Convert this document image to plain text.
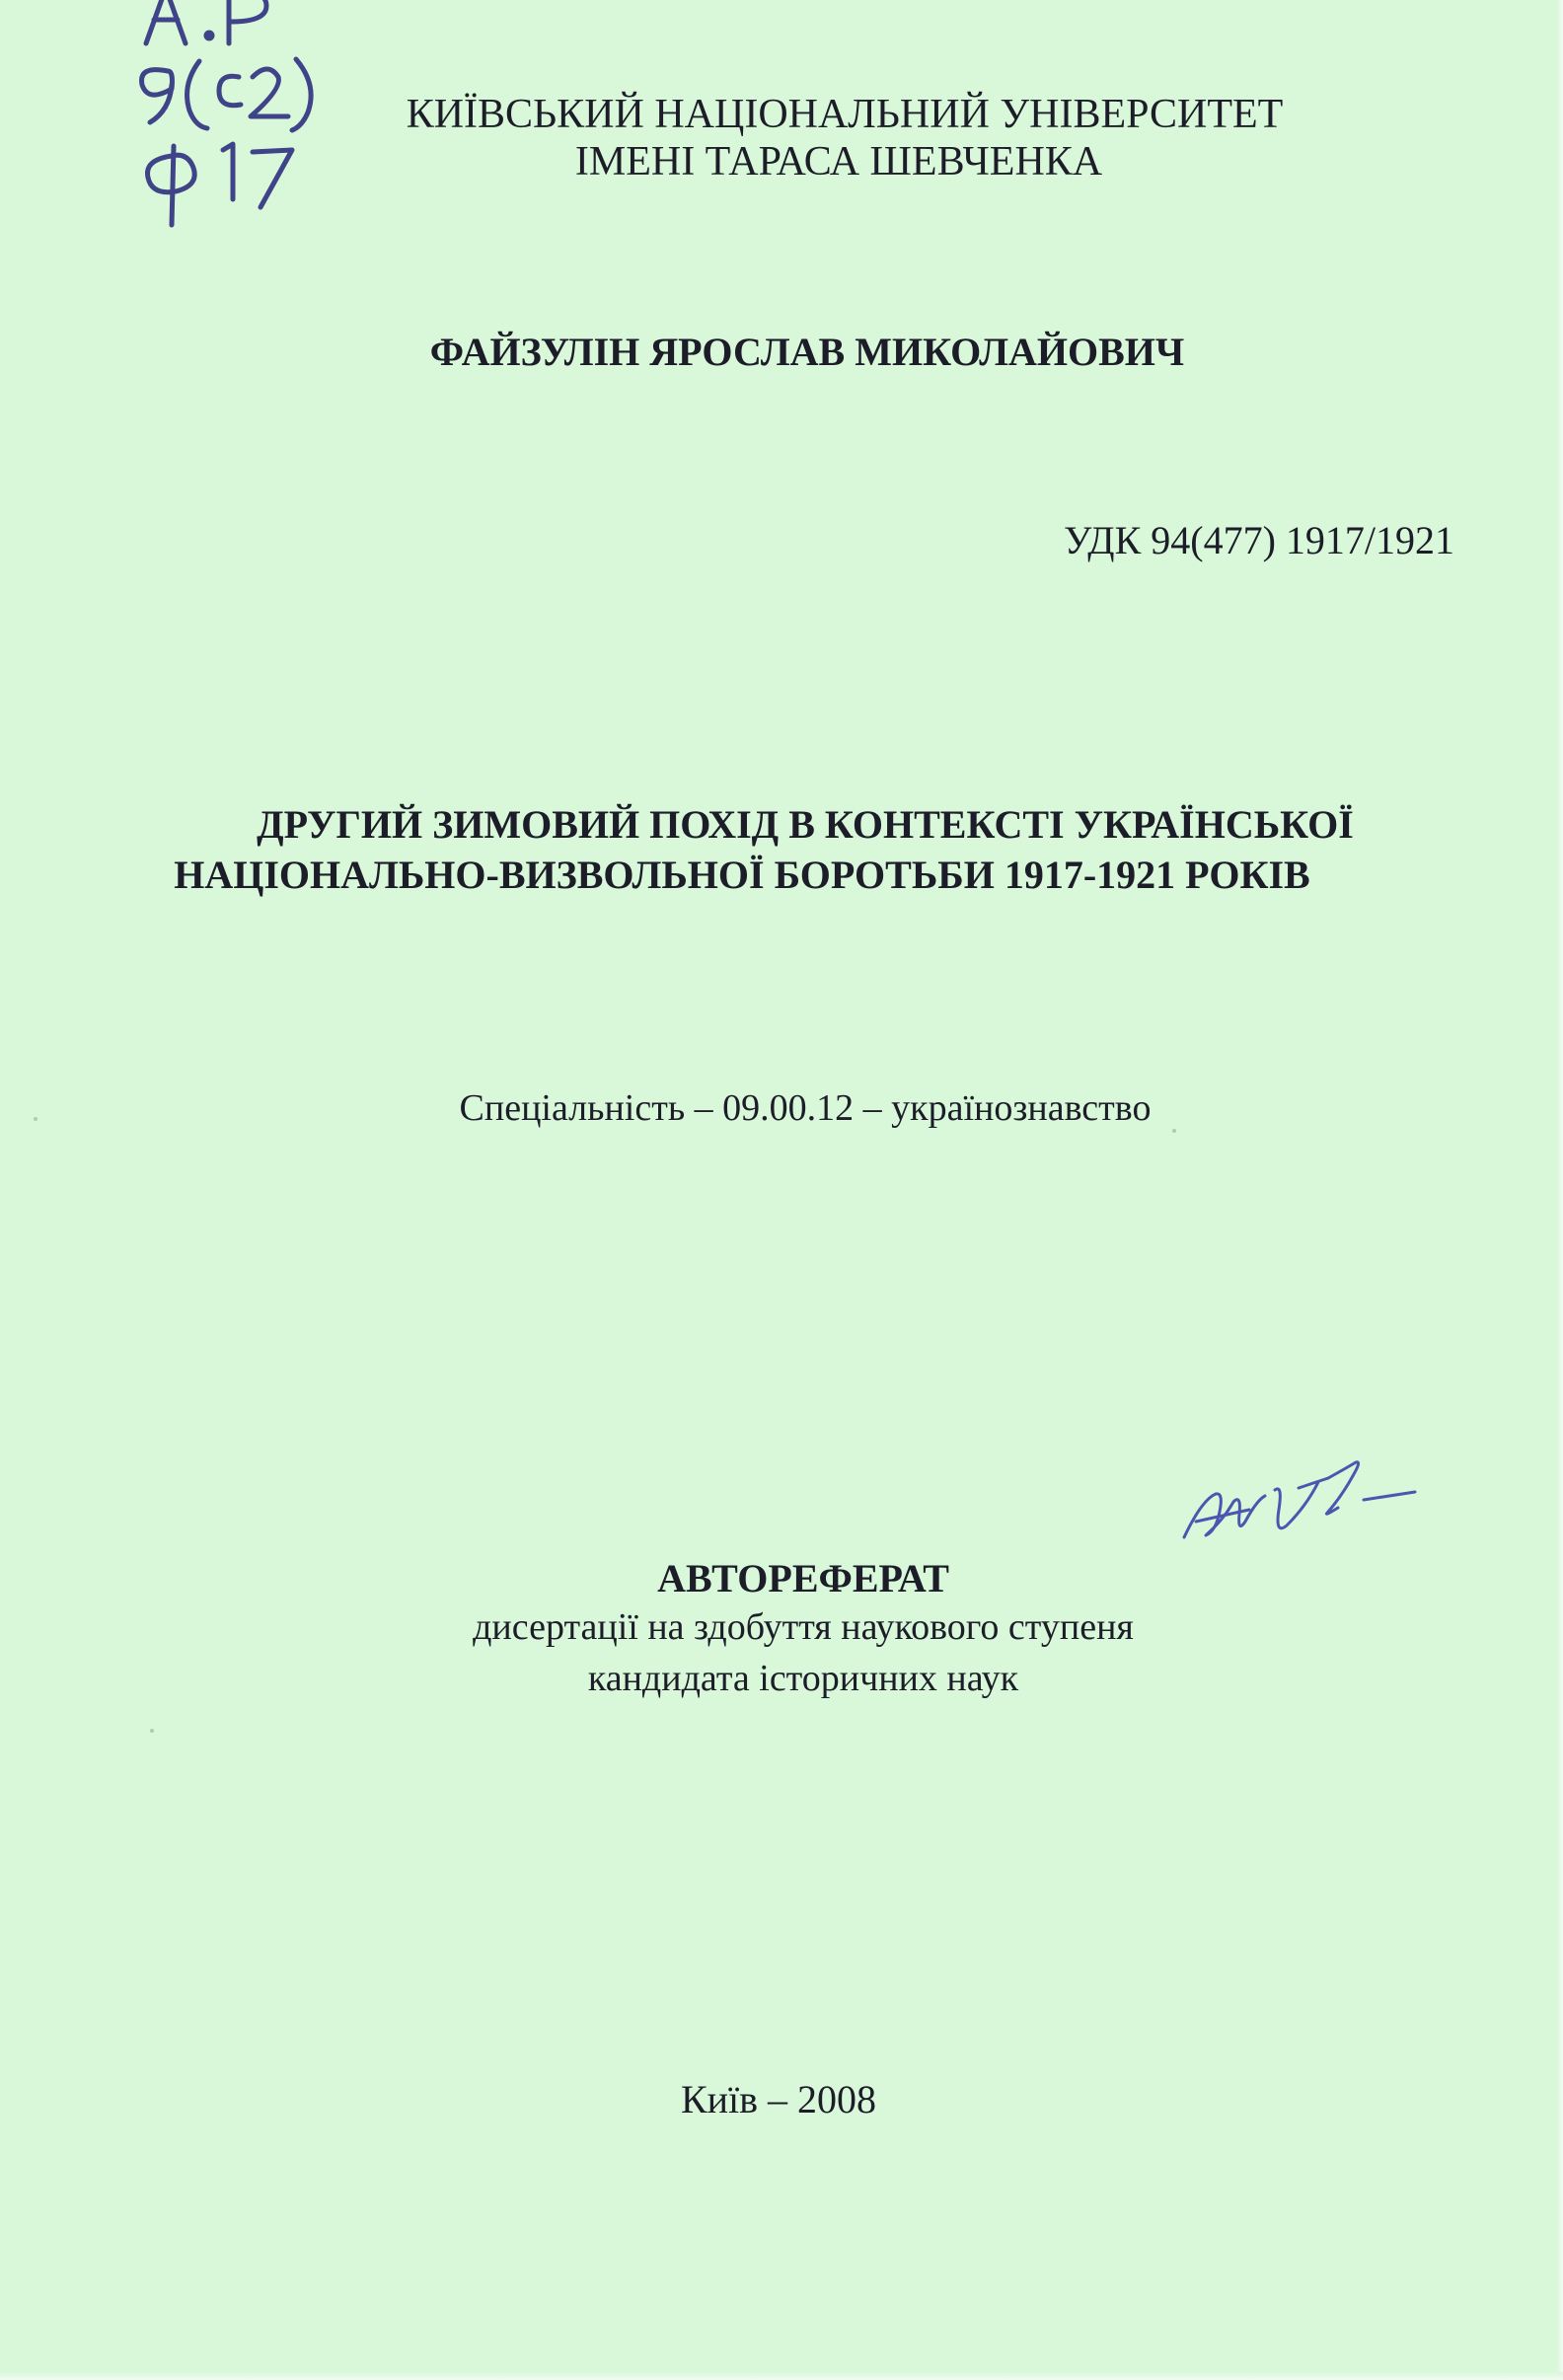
КИЇВСЬКИЙ НАЦІОНАЛЬНИЙ УНІВЕРСИТЕТ
ІМЕНІ ТАРАСА ШЕВЧЕНКА
ФАЙЗУЛІН ЯРОСЛАВ МИКОЛАЙОВИЧ
УДК 94(477) 1917/1921
ДРУГИЙ ЗИМОВИЙ ПОХІД В КОНТЕКСТІ УКРАЇНСЬКОЇ
НАЦІОНАЛЬНО-ВИЗВОЛЬНОЇ БОРОТЬБИ 1917-1921 РОКІВ
Спеціальність – 09.00.12 – українознавство
АВТОРЕФЕРАТ
дисертації на здобуття наукового ступеня
кандидата історичних наук
Київ – 2008
